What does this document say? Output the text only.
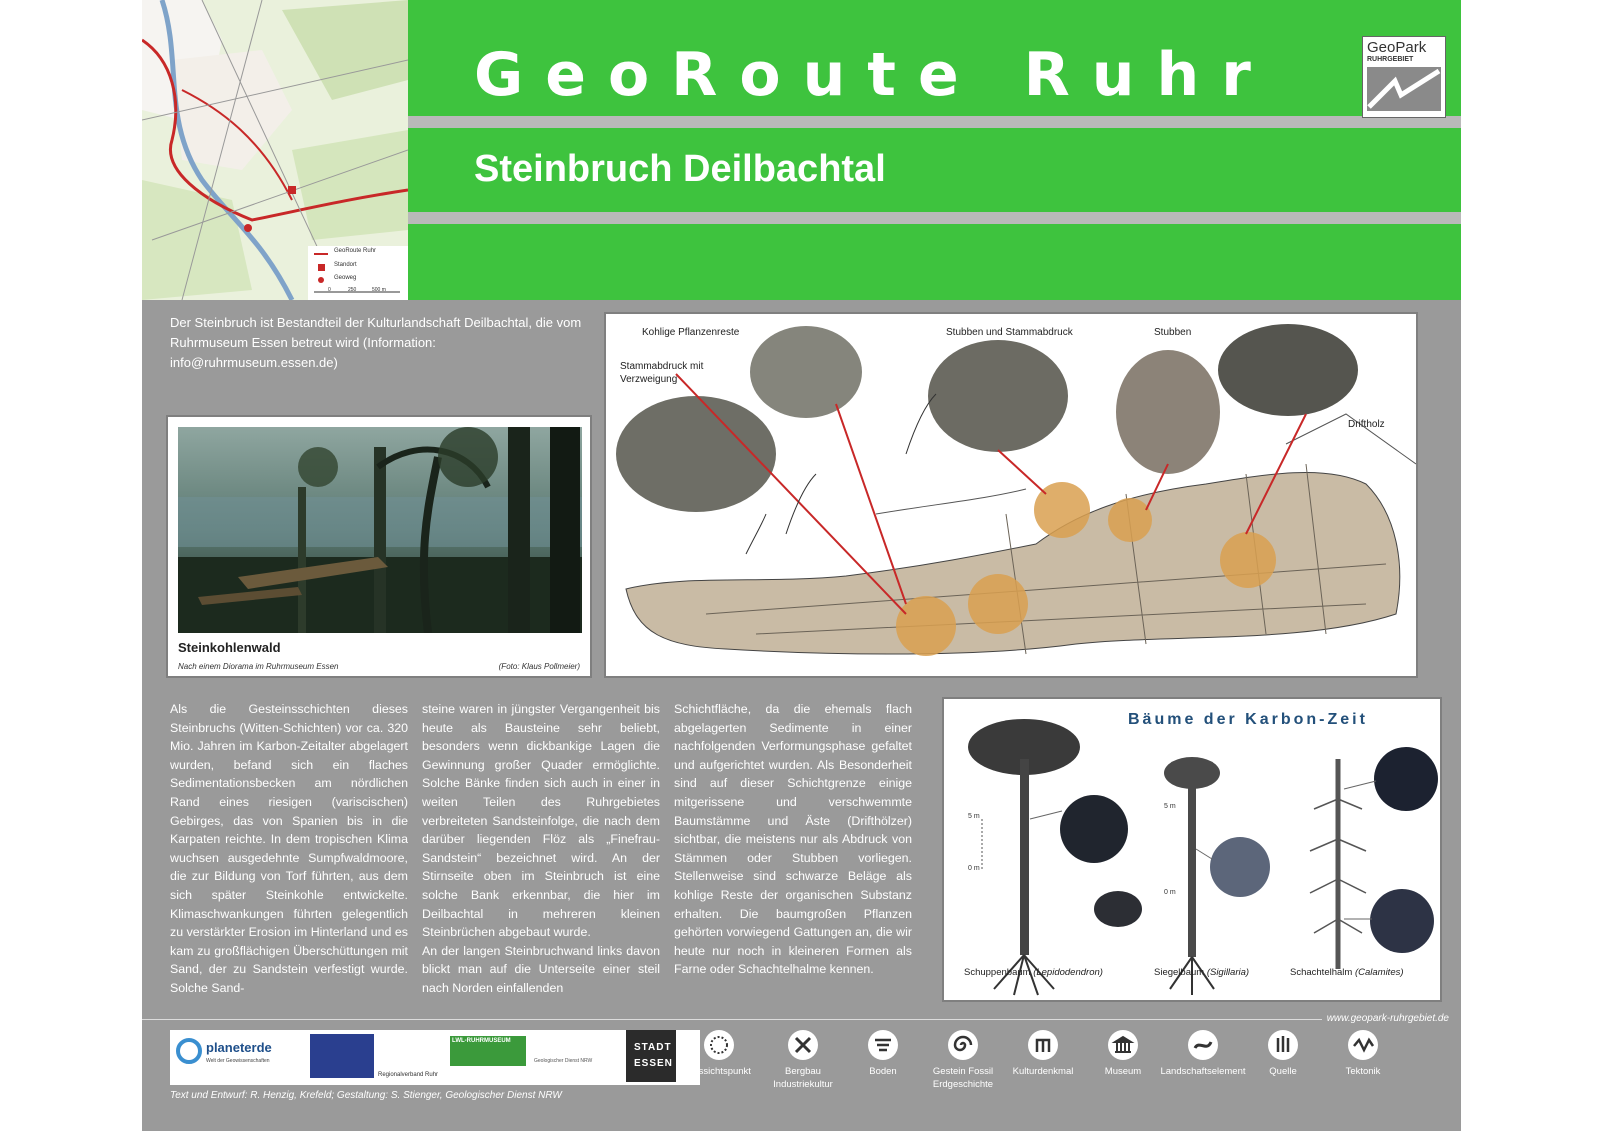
GeoRoute Ruhr
Standort
Geoweg
0	250	500 m
GeoRoute Ruhr
Steinbruch Deilbachtal
GeoPark
RUHRGEBIET
Der Steinbruch ist Bestandteil der Kulturlandschaft Deilbachtal, die vom Ruhrmuseum Essen betreut wird (Information: info@ruhrmuseum.essen.de)
Steinkohlenwald
Nach einem Diorama im Ruhrmuseum Essen	(Foto: Klaus Pollmeier)
Kohlige Pflanzenreste
Stammabdruck mit Verzweigung
Stubben und Stammabdruck	Stubben
Driftholz
Als die Gesteinsschichten dieses Steinbruchs (Witten-Schichten) vor ca. 320 Mio. Jahren im Karbon-Zeitalter abgelagert wurden, befand sich ein flaches Sedimentationsbecken am nördlichen Rand eines riesigen (variscischen) Gebirges, das von Spanien bis in die Karpaten reichte. In dem tropischen Klima wuchsen ausgedehnte Sumpfwaldmoore, die zur Bildung von Torf führten, aus dem sich später Steinkohle entwickelte. Klimaschwankungen führten gelegentlich zu verstärkter Erosion im Hinterland und es kam zu großflächigen Überschüttungen mit Sand, der zu Sandstein verfestigt wurde. Solche Sand-
steine waren in jüngster Vergangenheit bis heute als Bausteine sehr beliebt, besonders wenn dickbankige Lagen die Gewinnung großer Quader ermöglichte. Solche Bänke finden sich auch in einer in weiten Teilen des Ruhrgebietes verbreiteten Sandsteinfolge, die nach dem darüber liegenden Flöz als „Finefrau-Sandstein“ bezeichnet wird. An der Stirnseite oben im Steinbruch ist eine solche Bank erkennbar, die hier im Deilbachtal in mehreren kleinen Steinbrüchen abgebaut wurde.
An der langen Steinbruchwand links davon blickt man auf die Unterseite einer steil nach Norden einfallenden
Schichtfläche, da die ehemals flach abgelagerten Sedimente in einer nachfolgenden Verformungsphase gefaltet und aufgerichtet wurden. Als Besonderheit sind auf dieser Schichtgrenze einige mitgerissene und verschwemmte Baumstämme und Äste (Drifthölzer) sichtbar, die meistens nur als Abdruck von Stämmen oder Stubben vorliegen. Stellenweise sind schwarze Beläge als kohlige Reste der organischen Substanz erhalten. Die baumgroßen Pflanzen gehörten vorwiegend Gattungen an, die wir heute nur noch in kleineren Formen als Farne oder Schachtelhalme kennen.
Bäume der Karbon-Zeit
5 m
0 m
5 m
0 m
Schuppenbaum (Lepidodendron)	Siegelbaum (Sigillaria)	Schachtelhalm (Calamites)
www.geopark-ruhrgebiet.de
planeterde
Welt der Geowissenschaften
Regionalverband Ruhr
LWL-RUHRMUSEUM
Geologischer Dienst NRW
STADT
ESSEN
Text und Entwurf: R. Henzig, Krefeld; Gestaltung: S. Stienger, Geologischer Dienst NRW
Aussichtspunkt	Bergbau Industriekultur
Boden	Gestein Fossil Erdgeschichte
Kulturdenkmal	Museum	Landschaftselement	Quelle	Tektonik
